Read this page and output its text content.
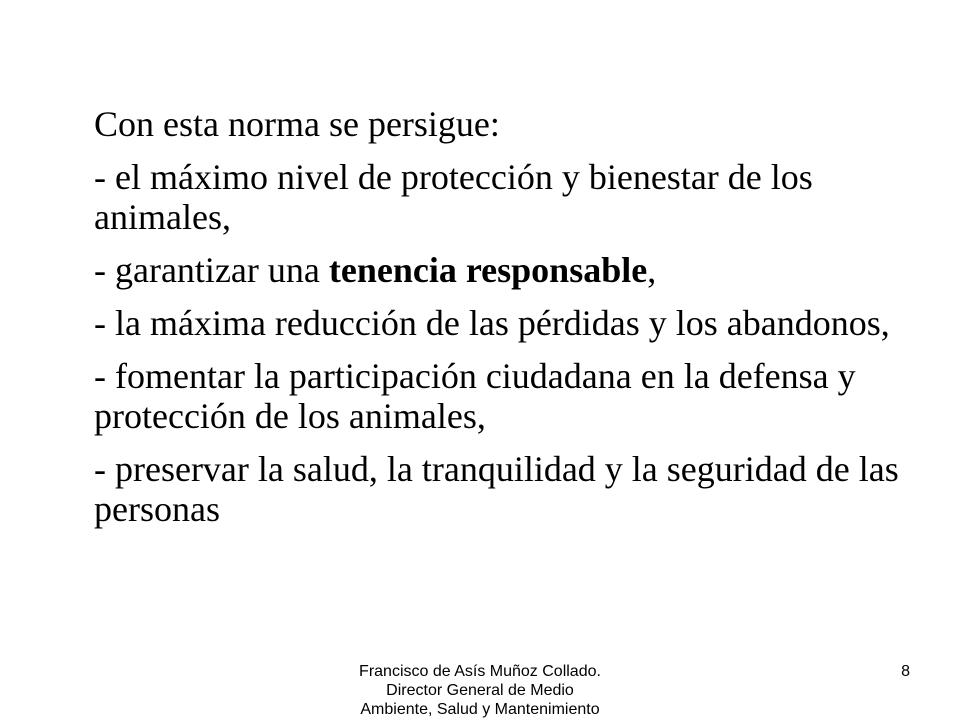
Con esta norma se persigue:

- el máximo nivel de protección y bienestar de los animales,

- garantizar una tenencia responsable,

- la máxima reducción de las pérdidas y los abandonos,

- fomentar la participación ciudadana en la defensa y protección de los animales,

- preservar la salud, la tranquilidad y la seguridad de las personas

Francisco de Asís Muñoz Collado.
Director General de Medio
Ambiente, Salud y Mantenimiento
8
